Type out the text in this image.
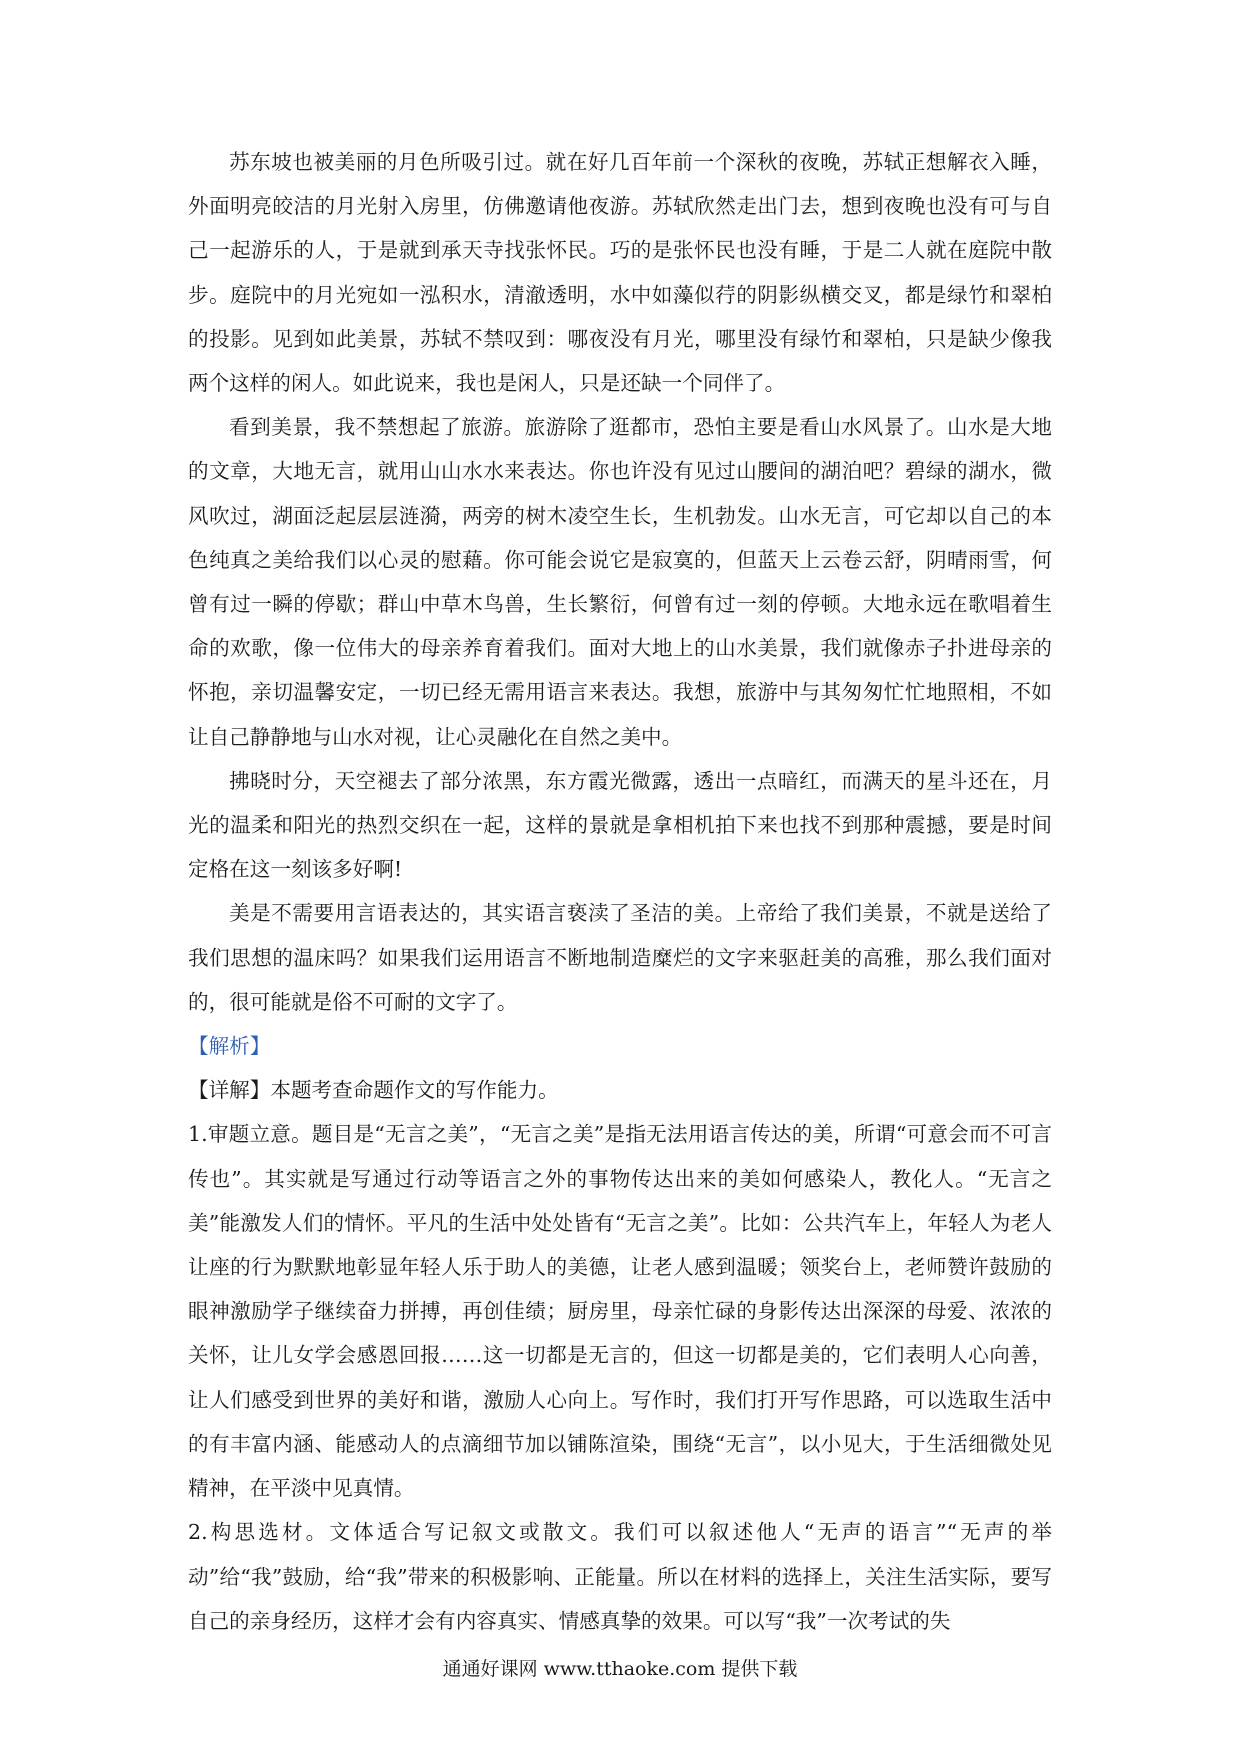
苏东坡也被美丽的月色所吸引过。就在好几百年前一个深秋的夜晚，苏轼正想解衣入睡，外面明亮皎洁的月光射入房里，仿佛邀请他夜游。苏轼欣然走出门去，想到夜晚也没有可与自己一起游乐的人，于是就到承天寺找张怀民。巧的是张怀民也没有睡，于是二人就在庭院中散步。庭院中的月光宛如一泓积水，清澈透明，水中如藻似荇的阴影纵横交叉，都是绿竹和翠柏的投影。见到如此美景，苏轼不禁叹到：哪夜没有月光，哪里没有绿竹和翠柏，只是缺少像我两个这样的闲人。如此说来，我也是闲人，只是还缺一个同伴了。

看到美景，我不禁想起了旅游。旅游除了逛都市，恐怕主要是看山水风景了。山水是大地的文章，大地无言，就用山山水水来表达。你也许没有见过山腰间的湖泊吧？碧绿的湖水，微风吹过，湖面泛起层层涟漪，两旁的树木凌空生长，生机勃发。山水无言，可它却以自己的本色纯真之美给我们以心灵的慰藉。你可能会说它是寂寞的，但蓝天上云卷云舒，阴晴雨雪，何曾有过一瞬的停歇；群山中草木鸟兽，生长繁衍，何曾有过一刻的停顿。大地永远在歌唱着生命的欢歌，像一位伟大的母亲养育着我们。面对大地上的山水美景，我们就像赤子扑进母亲的怀抱，亲切温馨安定，一切已经无需用语言来表达。我想，旅游中与其匆匆忙忙地照相，不如让自己静静地与山水对视，让心灵融化在自然之美中。

拂晓时分，天空褪去了部分浓黑，东方霞光微露，透出一点暗红，而满天的星斗还在，月光的温柔和阳光的热烈交织在一起，这样的景就是拿相机拍下来也找不到那种震撼，要是时间定格在这一刻该多好啊!

美是不需要用言语表达的，其实语言亵渎了圣洁的美。上帝给了我们美景，不就是送给了我们思想的温床吗？如果我们运用语言不断地制造糜烂的文字来驱赶美的高雅，那么我们面对的，很可能就是俗不可耐的文字了。

【解析】

【详解】本题考查命题作文的写作能力。

1.审题立意。题目是“无言之美”，“无言之美”是指无法用语言传达的美，所谓“可意会而不可言传也”。其实就是写通过行动等语言之外的事物传达出来的美如何感染人，教化人。“无言之美”能激发人们的情怀。平凡的生活中处处皆有“无言之美”。比如：公共汽车上，年轻人为老人让座的行为默默地彰显年轻人乐于助人的美德，让老人感到温暖；领奖台上，老师赞许鼓励的眼神激励学子继续奋力拼搏，再创佳绩；厨房里，母亲忙碌的身影传达出深深的母爱、浓浓的关怀，让儿女学会感恩回报……这一切都是无言的，但这一切都是美的，它们表明人心向善，让人们感受到世界的美好和谐，激励人心向上。写作时，我们打开写作思路，可以选取生活中的有丰富内涵、能感动人的点滴细节加以铺陈渲染，围绕“无言”，以小见大，于生活细微处见精神，在平淡中见真情。

2.构思选材。文体适合写记叙文或散文。我们可以叙述他人“无声的语言”“无声的举动”给“我”鼓励，给“我”带来的积极影响、正能量。所以在材料的选择上，关注生活实际，要写自己的亲身经历，这样才会有内容真实、情感真挚的效果。可以写“我”一次考试的失

通通好课网 www.tthaoke.com 提供下载
